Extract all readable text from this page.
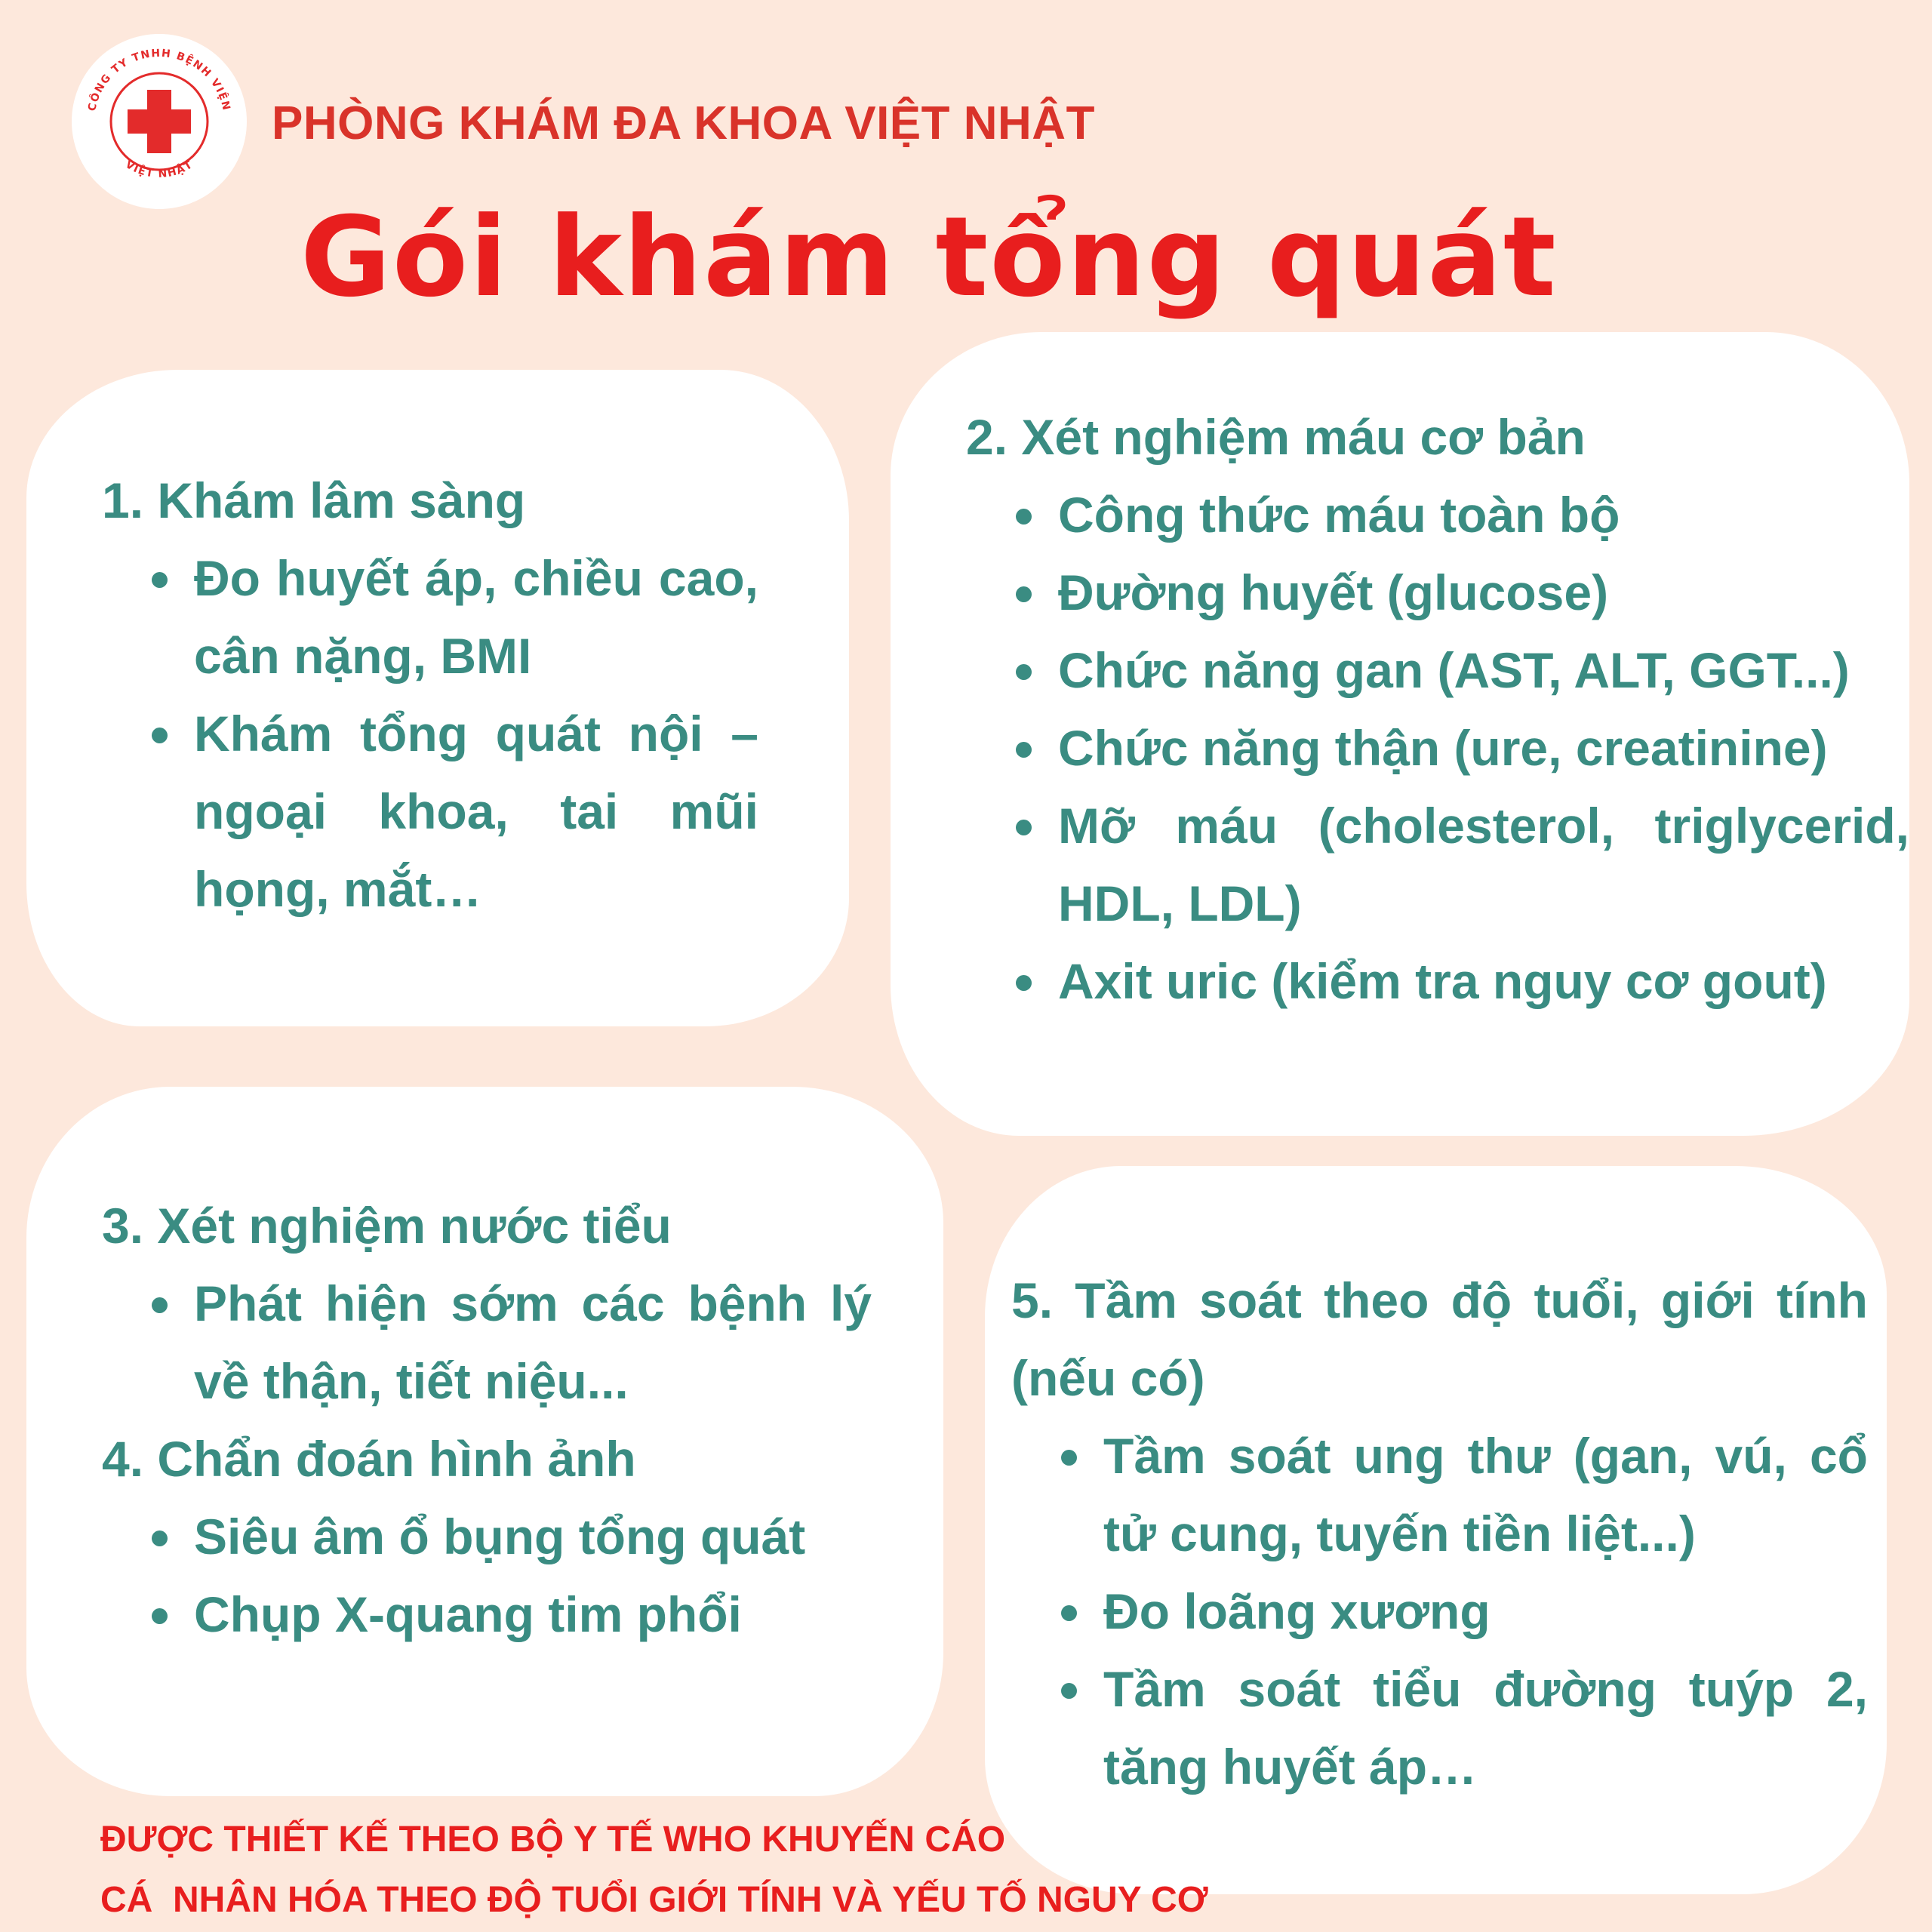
CÔNG TY TNHH BỆNH VIỆN
VIỆT NHẬT
PHÒNG KHÁM ĐA KHOA VIỆT NHẬT
Gói khám tổng quát
1. Khám lâm sàng
Đo huyết áp, chiều cao, cân nặng, BMI
Khám tổng quát nội – ngoại khoa, tai mũi họng, mắt…
2. Xét nghiệm máu cơ bản
Công thức máu toàn bộ
Đường huyết (glucose)
Chức năng gan (AST, ALT, GGT...)
Chức năng thận (ure, creatinine)
Mỡ máu (cholesterol, triglycerid, HDL, LDL)
Axit uric (kiểm tra nguy cơ gout)
3. Xét nghiệm nước tiểu
Phát hiện sớm các bệnh lý về thận, tiết niệu...
4. Chẩn đoán hình ảnh
Siêu âm ổ bụng tổng quát
Chụp X-quang tim phổi
5. Tầm soát theo độ tuổi, giới tính (nếu có)
Tầm soát ung thư (gan, vú, cổ tử cung, tuyến tiền liệt...)
Đo loãng xương
Tầm soát tiểu đường tuýp 2, tăng huyết áp…
ĐƯỢC THIẾT KẾ THEO BỘ Y TẾ WHO KHUYẾN CÁO
CÁ  NHÂN HÓA THEO ĐỘ TUỔI GIỚI TÍNH VÀ YẾU TỐ NGUY CƠ
